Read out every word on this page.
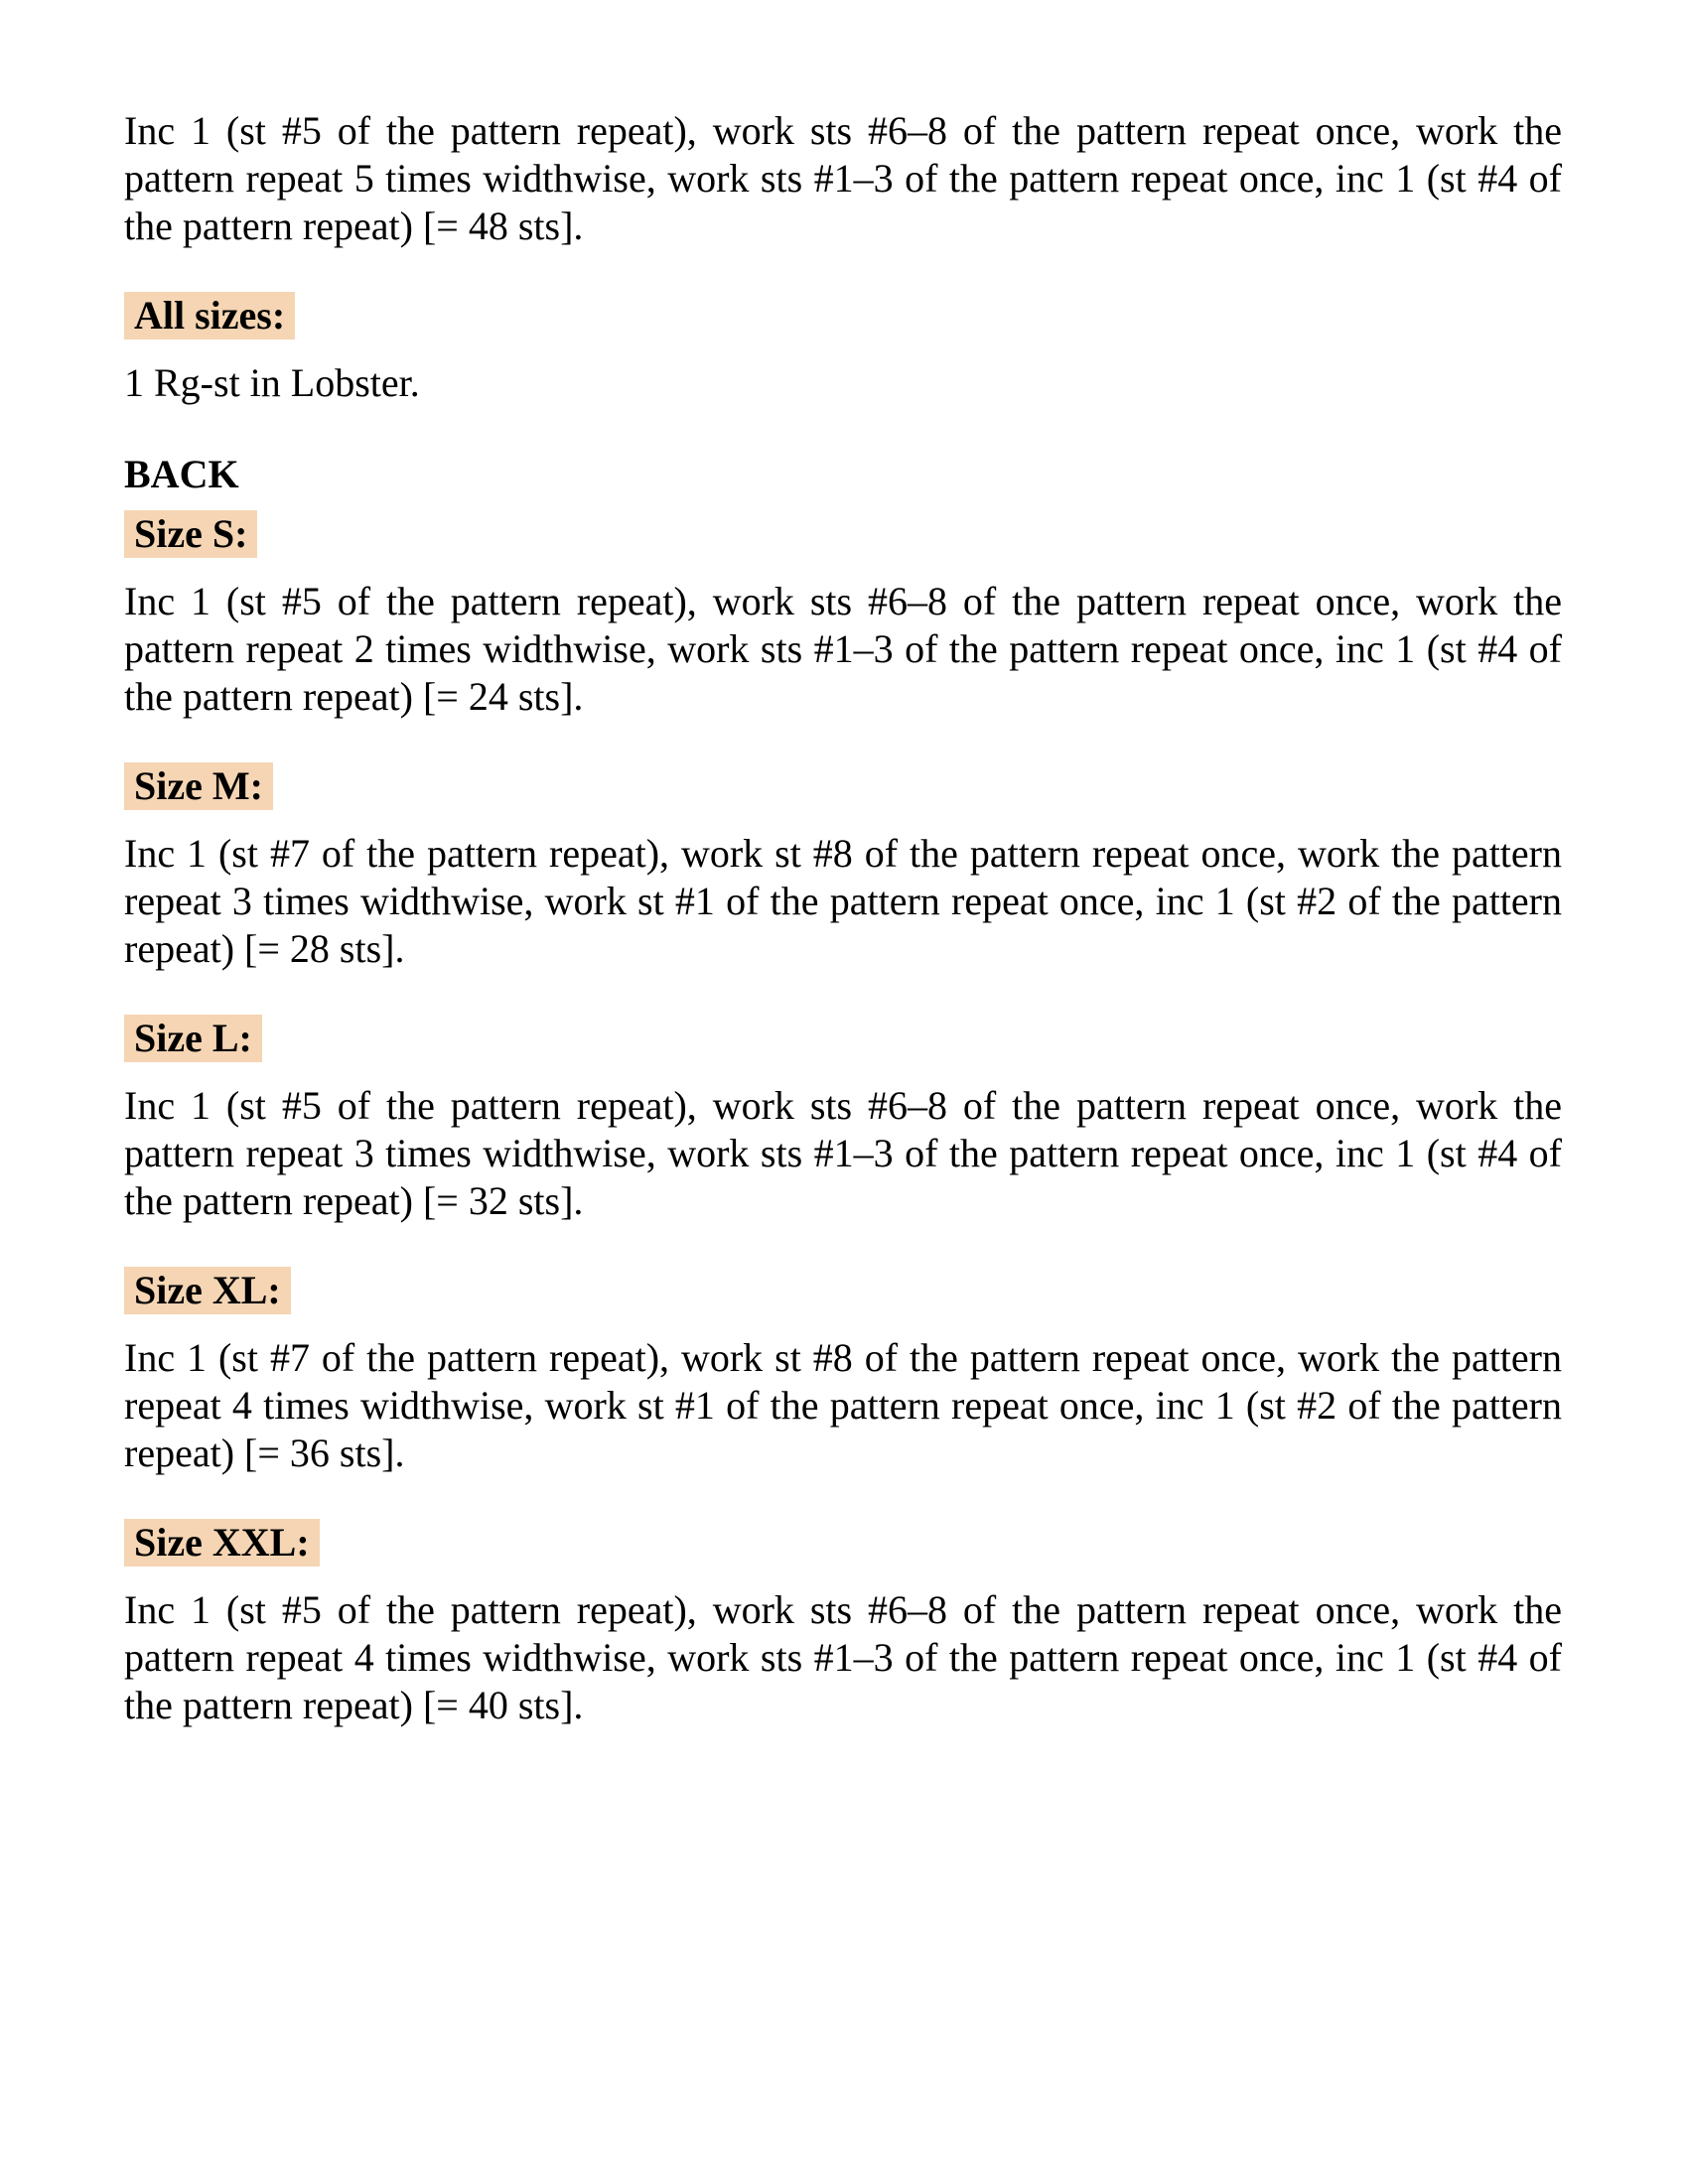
Inc 1 (st #5 of the pattern repeat), work sts #6–8 of the pattern repeat once, work the pattern repeat 5 times widthwise, work sts #1–3 of the pattern repeat once, inc 1 (st #4 of the pattern repeat) [= 48 sts].

All sizes:

1 Rg-st in Lobster.

BACK

Size S:

Inc 1 (st #5 of the pattern repeat), work sts #6–8 of the pattern repeat once, work the pattern repeat 2 times widthwise, work sts #1–3 of the pattern repeat once, inc 1 (st #4 of the pattern repeat) [= 24 sts].

Size M:

Inc 1 (st #7 of the pattern repeat), work st #8 of the pattern repeat once, work the pattern repeat 3 times widthwise, work st #1 of the pattern repeat once, inc 1 (st #2 of the pattern repeat) [= 28 sts].

Size L:

Inc 1 (st #5 of the pattern repeat), work sts #6–8 of the pattern repeat once, work the pattern repeat 3 times widthwise, work sts #1–3 of the pattern repeat once, inc 1 (st #4 of the pattern repeat) [= 32 sts].

Size XL:

Inc 1 (st #7 of the pattern repeat), work st #8 of the pattern repeat once, work the pattern repeat 4 times widthwise, work st #1 of the pattern repeat once, inc 1 (st #2 of the pattern repeat) [= 36 sts].

Size XXL:

Inc 1 (st #5 of the pattern repeat), work sts #6–8 of the pattern repeat once, work the pattern repeat 4 times widthwise, work sts #1–3 of the pattern repeat once, inc 1 (st #4 of the pattern repeat) [= 40 sts].
